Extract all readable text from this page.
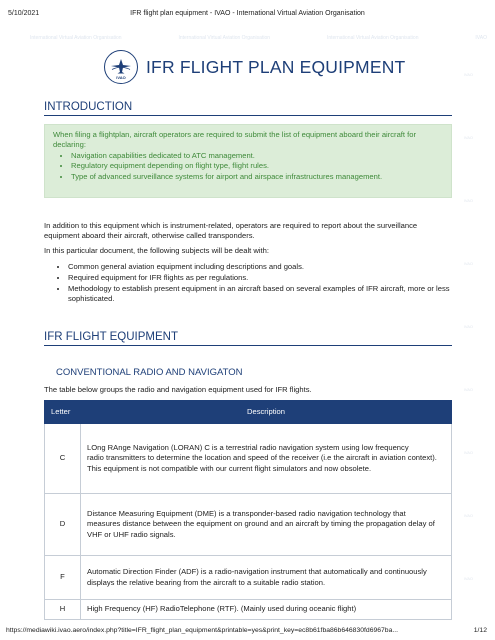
5/10/2021	IFR flight plan equipment - IVAO - International Virtual Aviation Organisation
International Virtual Aviation Organisation	International Virtual Aviation Organisation	International Virtual Aviation Organisation	IVAO
IVAO
IVAO
IVAO
IVAO
IVAO
IVAO
IVAO
IVAO
IVAO
IVAO
IFR FLIGHT PLAN EQUIPMENT
INTRODUCTION
When filing a flightplan, aircraft operators are required to submit the list of equipment aboard their aircraft for declaring:
• Navigation capabilities dedicated to ATC management.
• Regulatory equipment depending on flight type, flight rules.
• Type of advanced surveillance systems for airport and airspace infrastructures management.
In addition to this equipment which is instrument-related, operators are required to report about the surveillance equipment aboard their aircraft, otherwise called transponders.
In this particular document, the following subjects will be dealt with:
• Common general aviation equipment including descriptions and goals.
• Required equipment for IFR flights as per regulations.
• Methodology to establish present equipment in an aircraft based on several examples of IFR aircraft, more or less sophisticated.
IFR FLIGHT EQUIPMENT
CONVENTIONAL RADIO AND NAVIGATON
The table below groups the radio and navigation equipment used for IFR flights.
Letter	Description
C	LOng RAnge Navigation (LORAN) C is a terrestrial radio navigation system using low frequency
radio transmitters to determine the location and speed of the receiver (i.e the aircraft in aviation context). This equipment is not compatible with our current flight simulators and now obsolete.

D	Distance Measuring Equipment (DME) is a transponder-based radio navigation technology that
measures distance between the equipment on ground and an aircraft by timing the propagation delay of VHF or UHF radio signals.

F	Automatic Direction Finder (ADF) is a radio-navigation instrument that automatically and continuously displays the relative bearing from the aircraft to a suitable radio station.

H	High Frequency (HF) RadioTelephone (RTF). (Mainly used during oceanic flight)
https://mediawiki.ivao.aero/index.php?title=IFR_flight_plan_equipment&printable=yes&print_key=ec8b61fba86b646830fd6967ba...	1/12
